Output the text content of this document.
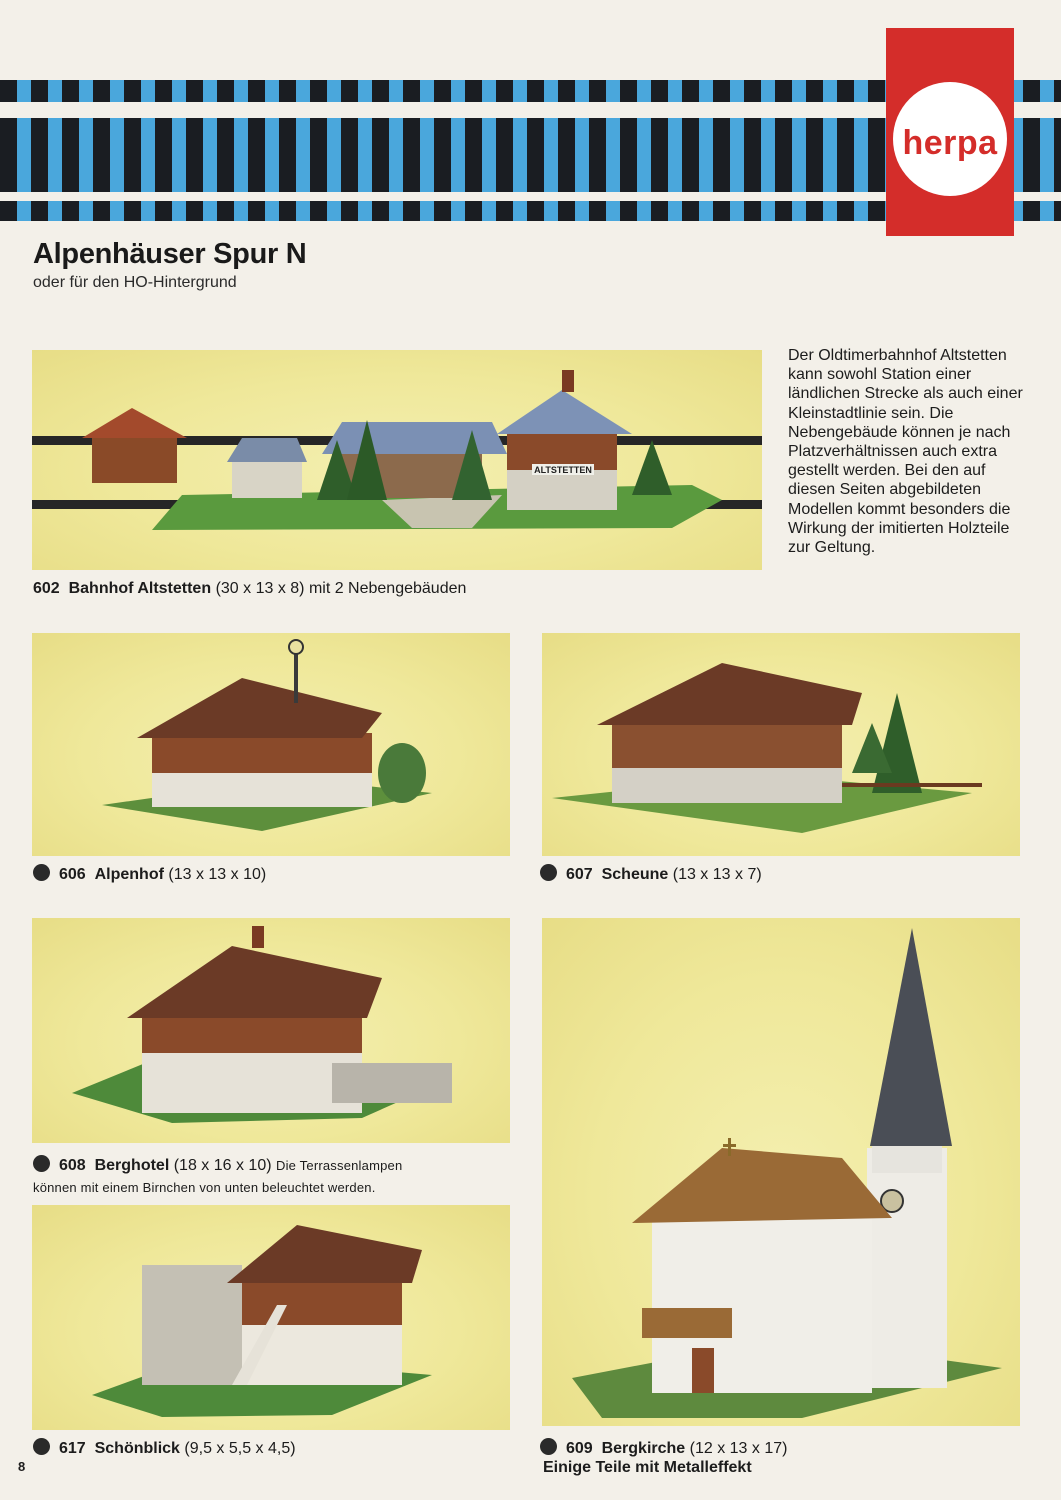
herpa
Alpenhäuser Spur N
oder für den HO-Hintergrund
ALTSTETTEN
602 Bahnhof Altstetten (30 x 13 x 8) mit 2 Nebengebäuden
Der Oldtimerbahnhof Altstetten kann sowohl Station einer ländlichen Strecke als auch einer Kleinstadtlinie sein. Die Nebengebäude können je nach Platzverhältnissen auch extra gestellt werden. Bei den auf diesen Seiten abgebildeten Modellen kommt besonders die Wirkung der imitierten Holzteile zur Geltung.
606 Alpenhof (13 x 13 x 10)	607 Scheune (13 x 13 x 7)
608 Berghotel (18 x 16 x 10) Die Terrassenlampen
können mit einem Birnchen von unten beleuchtet werden.
617 Schönblick (9,5 x 5,5 x 4,5)	609 Bergkirche (12 x 13 x 17)
Einige Teile mit Metalleffekt
8
